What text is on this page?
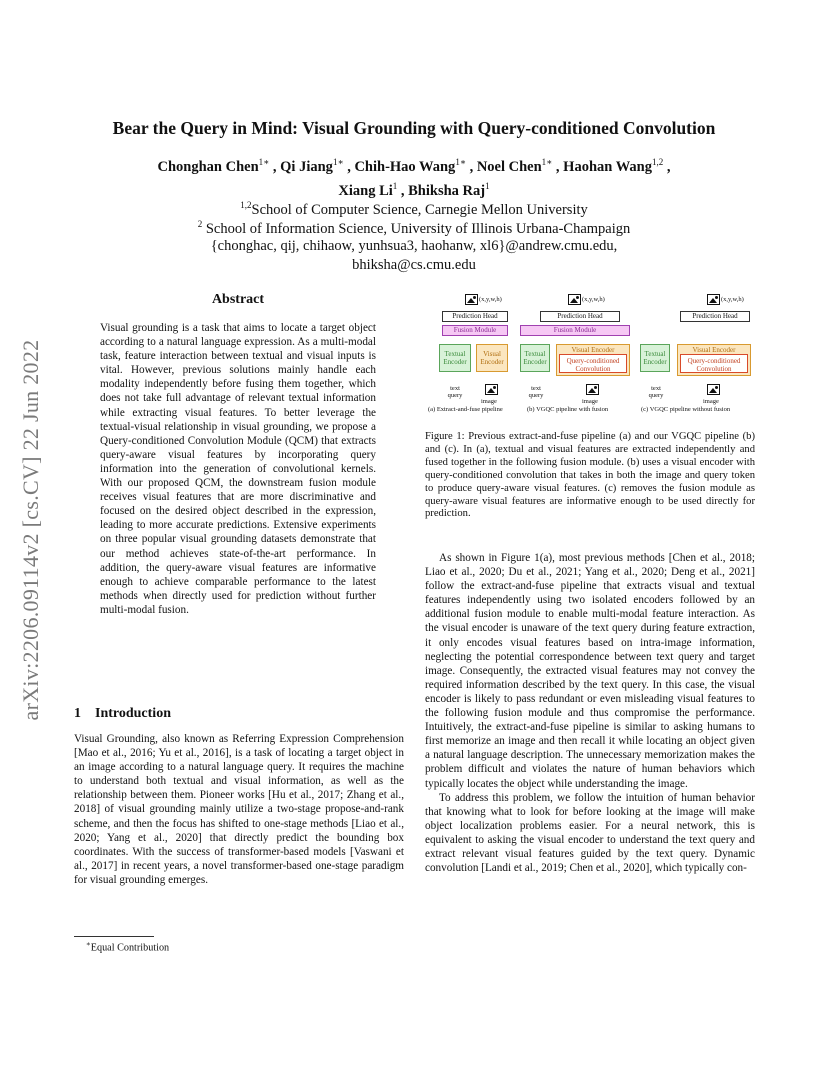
arXiv:2206.09114v2 [cs.CV] 22 Jun 2022
Bear the Query in Mind: Visual Grounding with Query-conditioned Convolution
Chonghan Chen$^{1∗}$ , Qi Jiang$^{1∗}$ , Chih-Hao Wang$^{1∗}$ , Noel Chen$^{1∗}$ , Haohan Wang$^{1,2}$ ,
Xiang Li$^1$ , Bhiksha Raj$^1$
$^{1,2}$School of Computer Science, Carnegie Mellon University
$^2$ School of Information Science, University of Illinois Urbana-Champaign
{chonghac, qij, chihaow, yunhsua3, haohanw, xl6}@andrew.cmu.edu,
bhiksha@cs.cmu.edu
Abstract
Visual grounding is a task that aims to locate a target object according to a natural language expression. As a multi-modal task, feature interaction between textual and visual inputs is vital. However, previous solutions mainly handle each modality independently before fusing them together, which does not take full advantage of relevant textual information while extracting visual features. To better leverage the textual-visual relationship in visual grounding, we propose a Query-conditioned Convolution Module (QCM) that extracts query-aware visual features by incorporating query information into the generation of convolutional kernels. With our proposed QCM, the downstream fusion module receives visual features that are more discriminative and focused on the desired object described in the expression, leading to more accurate predictions. Extensive experiments on three popular visual grounding datasets demonstrate that our method achieves state-of-the-art performance. In addition, the query-aware visual features are informative enough to achieve comparable performance to the latest methods when directly used for prediction without further multi-modal fusion.
1 Introduction

Visual Grounding, also known as Referring Expression Comprehension [Mao et al., 2016; Yu et al., 2016], is a task of locating a target object in an image according to a natural language query. It requires the machine to understand both textual and visual information, as well as the relationship between them. Pioneer works [Hu et al., 2017; Zhang et al., 2018] of visual grounding mainly utilize a two-stage propose-and-rank scheme, and then the focus has shifted to one-stage methods [Liao et al., 2020; Yang et al., 2020] that directly predict the bounding box coordinates. With the success of transformer-based models [Vaswani et al., 2017] in recent years, a novel transformer-based one-stage paradigm for visual grounding emerges.

∗Equal Contribution
(x,y,w,h)
Prediction Head
Fusion Module
Textual Encoder
Visual Encoder
text query
image
(a) Extract-and-fuse pipeline
(x,y,w,h)
Prediction Head
Fusion Module
Textual Encoder
Visual Encoder
Query-conditioned Convolution
text query
image
(b) VGQC pipeline with fusion
(x,y,w,h)
Prediction Head
Textual Encoder
Visual Encoder
Query-conditioned Convolution
text query
image
(c) VGQC pipeline without fusion
Figure 1: Previous extract-and-fuse pipeline (a) and our VGQC pipeline (b) and (c). In (a), textual and visual features are extracted independently and fused together in the following fusion module. (b) uses a visual encoder with query-conditioned convolution that takes in both the image and query token to produce query-aware visual features. (c) removes the fusion module as query-aware visual features are informative enough to be used directly for prediction.

As shown in Figure 1(a), most previous methods [Chen et al., 2018; Liao et al., 2020; Du et al., 2021; Yang et al., 2020; Deng et al., 2021] follow the extract-and-fuse pipeline that extracts visual and textual features independently using two isolated encoders followed by an additional fusion module to enable multi-modal feature interaction. As the visual encoder is unaware of the text query during feature extraction, it only encodes visual features based on intra-image information, neglecting the potential correspondence between text query and target image. Consequently, the extracted visual features may not convey the required information described by the text query. In this case, the visual encoder is likely to pass redundant or even misleading visual features to the following fusion module and thus compromise the performance. Intuitively, the extract-and-fuse pipeline is similar to asking humans to first memorize an image and then recall it while locating an object given a natural language description. The unnecessary memorization makes the problem difficult and violates the nature of human behaviors which typically locates the object while understanding the image.

To address this problem, we follow the intuition of human behavior that knowing what to look for before looking at the image will make object localization problems easier. For a neural network, this is equivalent to asking the visual encoder to understand the text query and extract relevant visual features guided by the text query. Dynamic convolution [Landi et al., 2019; Chen et al., 2020], which typically con-
